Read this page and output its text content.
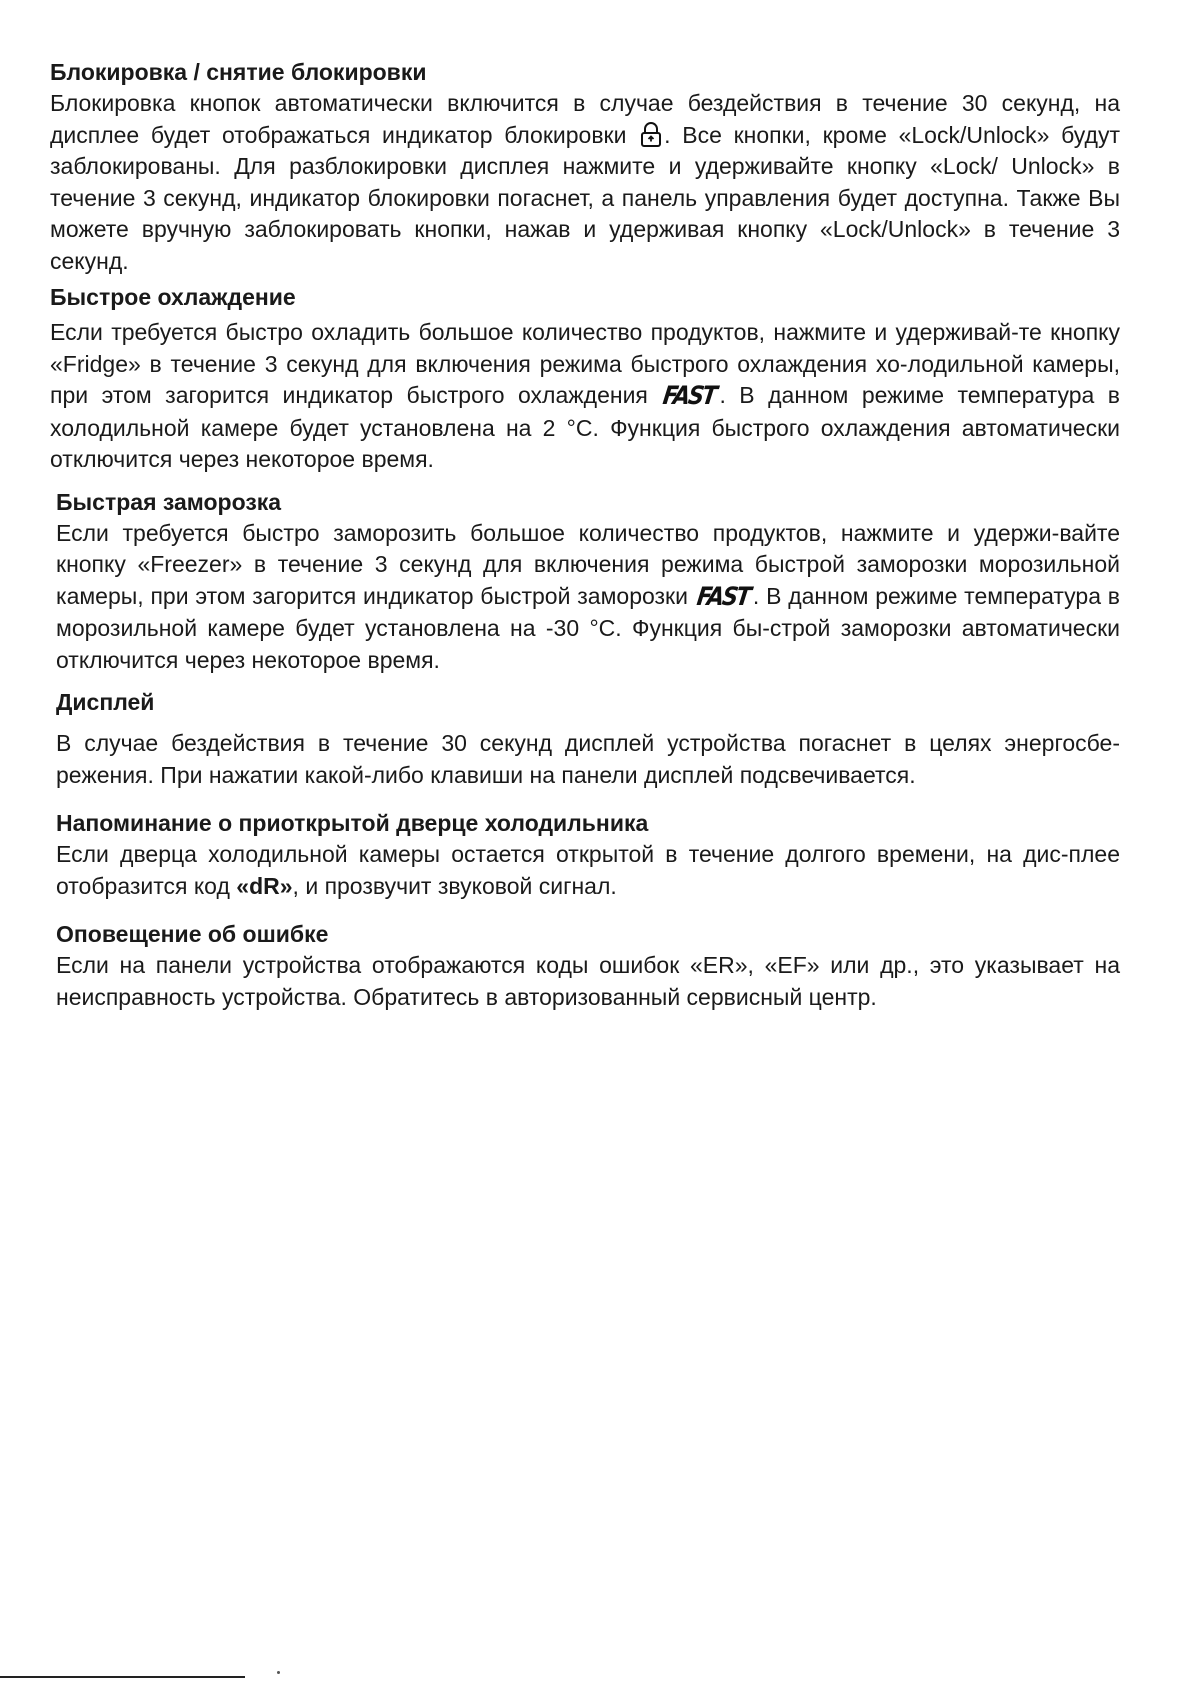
Блокировка / снятие блокировки

Блокировка кнопок автоматически включится в случае бездействия в течение 30 секунд, на дисплее будет отображаться индикатор блокировки . Все кнопки, кроме «Lock/Unlock» будут заблокированы. Для разблокировки дисплея нажмите и удерживайте кнопку «Lock/ Unlock» в течение 3 секунд, индикатор блокировки погаснет, а панель управления будет доступна. Также Вы можете вручную заблокировать кнопки, нажав и удерживая кнопку «Lock/Unlock» в течение 3 секунд.

Быстрое охлаждение

Если требуется быстро охладить большое количество продуктов, нажмите и удерживай-те кнопку «Fridge» в течение 3 секунд для включения режима быстрого охлаждения хо-лодильной камеры, при этом загорится индикатор быстрого охлаждения FAST. В данном режиме температура в холодильной камере будет установлена на 2 °C. Функция быстрого охлаждения автоматически отключится через некоторое время.

Быстрая заморозка

Если требуется быстро заморозить большое количество продуктов, нажмите и удержи-вайте кнопку «Freezer» в течение 3 секунд для включения режима быстрой заморозки морозильной камеры, при этом загорится индикатор быстрой заморозки FAST. В данном режиме температура в морозильной камере будет установлена на -30 °C. Функция бы-строй заморозки автоматически отключится через некоторое время.

Дисплей

В случае бездействия в течение 30 секунд дисплей устройства погаснет в целях энергосбе-режения. При нажатии какой-либо клавиши на панели дисплей подсвечивается.

Напоминание о приоткрытой дверце холодильника

Если дверца холодильной камеры остается открытой в течение долгого времени, на дис-плее отобразится код «dR», и прозвучит звуковой сигнал.

Оповещение об ошибке

Если на панели устройства отображаются коды ошибок «ER», «EF» или др., это указывает на неисправность устройства. Обратитесь в авторизованный сервисный центр.
